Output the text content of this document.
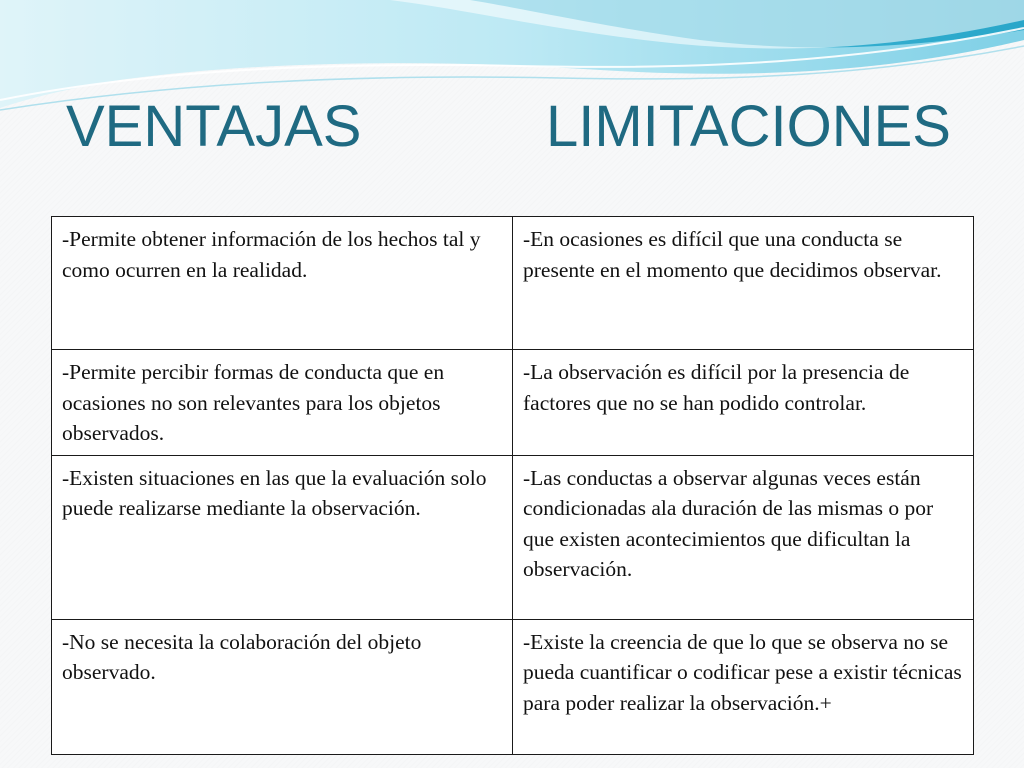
VENTAJAS	LIMITACIONES
-Permite obtener información de los hechos tal y como ocurren en la realidad.	-En ocasiones es difícil que una conducta se presente en el momento que decidimos observar.
-Permite percibir formas de conducta que en ocasiones no son relevantes para los objetos observados.	-La observación es difícil por la presencia de factores que no se han podido controlar.
-Existen situaciones en las que la evaluación solo puede realizarse mediante la observación.	-Las conductas a observar algunas veces están condicionadas ala duración de las mismas o por que existen acontecimientos que dificultan la observación.
-No se necesita la colaboración del objeto observado.	-Existe la creencia de que lo que se observa no se pueda cuantificar o codificar pese a existir técnicas para poder realizar la observación.+
